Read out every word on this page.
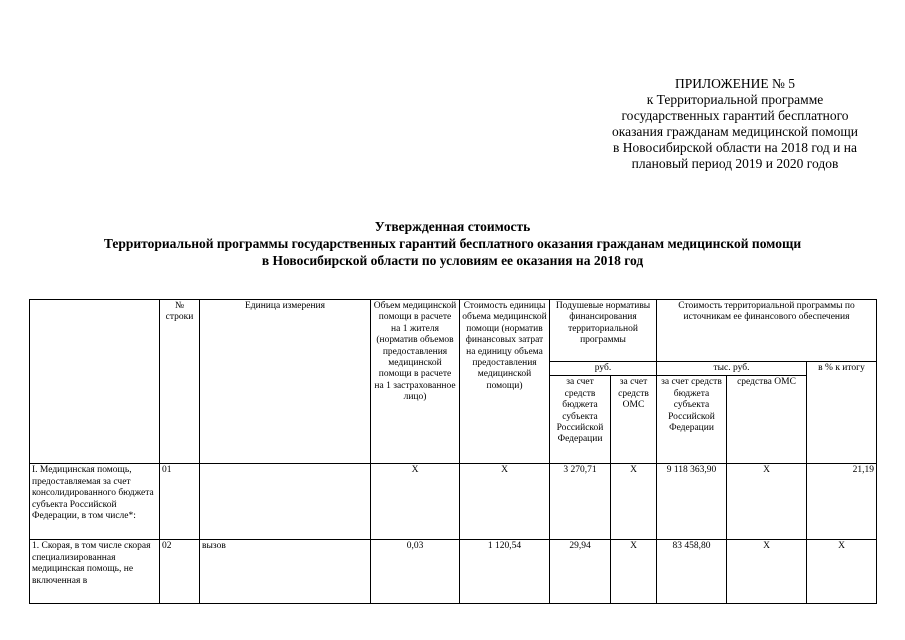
ПРИЛОЖЕНИЕ № 5
к Территориальной программе
государственных гарантий бесплатного
оказания гражданам медицинской помощи
в Новосибирской области на 2018 год и на
плановый период 2019 и 2020 годов
Утвержденная стоимость
Территориальной программы государственных гарантий бесплатного оказания гражданам медицинской помощи
в Новосибирской области по условиям ее оказания на 2018 год
	№ строки	Единица измерения	Объем медицинской помощи в расчете на 1 жителя (норматив объемов предоставления медицинской помощи в расчете на 1 застрахованное лицо)	Стоимость единицы объема медицинской помощи (норматив финансовых затрат на единицу объема предоставления медицинской помощи)	Подушевые нормативы финансирования территориальной программы		Стоимость территориальной программы по источникам ее финансового обеспечения		
					руб.		тыс. руб.		в % к итогу
					за счет средств бюджета субъекта Российской Федерации	за счет средств ОМС	за счет средств бюджета субъекта Российской Федерации	средства ОМС	
I. Медицинская помощь, предоставляемая за счет консолидированного бюджета субъекта Российской Федерации, в том числе*:	01		X	X	3 270,71	X	9 118 363,90	X	21,19
1. Скорая, в том числе скорая специализированная медицинская помощь, не включенная в	02	вызов	0,03	1 120,54	29,94	X	83 458,80	X	X
